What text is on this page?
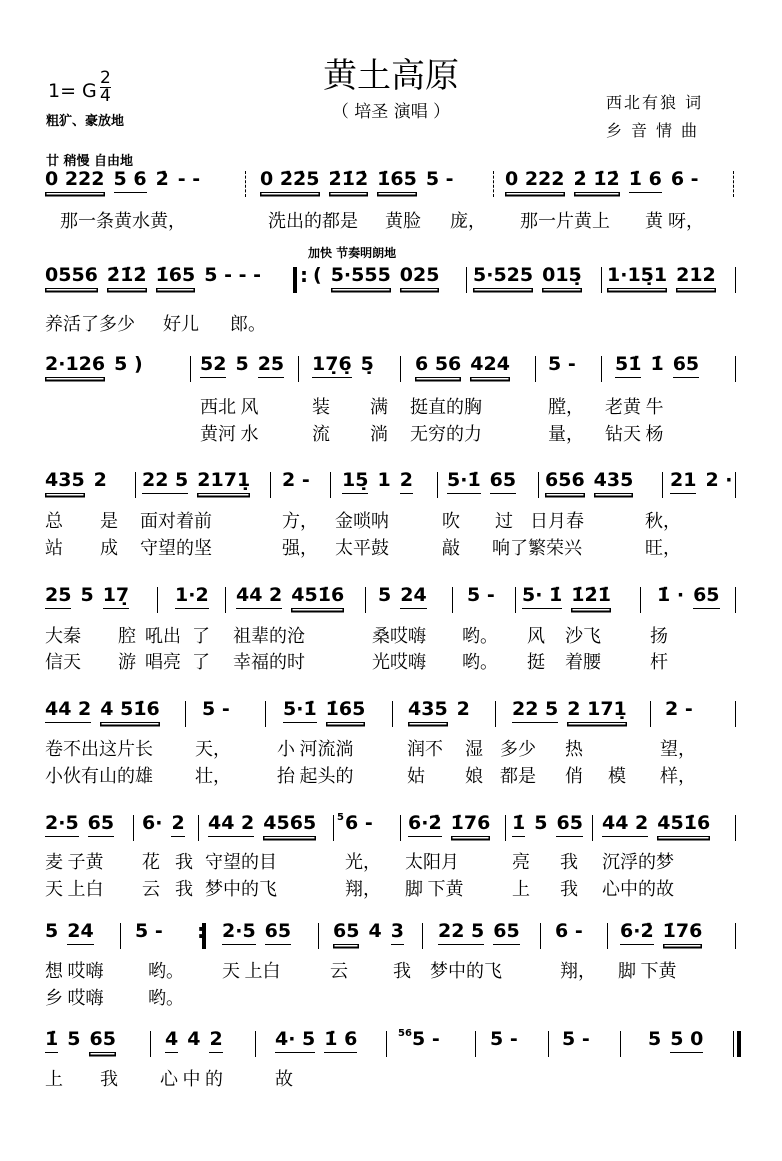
黄土高原
（ 培圣 演唱 ）
1= G
2
4
粗犷、豪放地
西北有狼 词
乡音情曲
廿 稍慢 自由地
加快 节奏明朗地
0 222 5 6 2̇ - -	0 2̇2̇5 2̇1̇2̇ 1̇65 5 -	0 222 2̇ 1̇2̇ 1̇ 6 6 -
那一条黄水黄，	洗出的都是 黄脸 庞， 那一片黄上 黄 呀，
0556 2̇1̇2̇ 1̇65 5 - - -	( 5·555 025	5·525 015̣	1·15̣1 212
:
养活了多少 好儿 郎。
2·126 5 )	52 5 25	17̣6̣ 5̣	6 56 424	5 -	51̇ 1̇ 65
西北 风	装 满 挺直的胸	膛， 老黄 牛
黄河 水	流 淌 无穷的力	量， 钻天 杨
435 2	22 5 2171̣	2 -	15̣ 1 2	5·1̇ 65	656 435	21 2 ·
总 是 面对着前	方， 金唢呐	吹 过 日月春	秋，
站 成 守望的坚	强， 太平鼓	敲 响了繁荣兴	旺，
25 5 17̣	1·2	44 2 451̇6	5 24	5 -	5· 1̇ 1̇2̇1̇	1̇ · 65
大秦 腔 吼出 了 祖辈的沧	桑哎嗨 哟。 风 沙飞	扬
信天 游 唱亮 了 幸福的时	光哎嗨 哟。 挺 着腰	杆
44 2 4 51̇6	5 -	5·1̇ 1̇65	435 2	22 5 2 171̣	2 -
卷不出这片长 天，	小 河流淌	润不 湿 多少 热	望，
小伙有山的雄 壮，	抬 起头的	姑 娘 都是 俏 模 样，
2·5 65	6· 2	44 2 4565	6 -	6·2̇ 1̇76	1̇ 5 65	44 2 451̇6
5
麦 子黄 花 我 守望的目	光， 太阳月	亮 我 沉浮的梦
天 上白 云 我 梦中的飞	翔， 脚 下黄	上 我 心中的故
5 24	5 -	2·5 65	65 4 3	22 5 65	6 -	6·2̇ 1̇76
:
想 哎嗨 哟。 天 上白	云	我 梦中的飞	翔， 脚 下黄
乡 哎嗨 哟。
1̇ 5 65	4 4 2	4· 5 1̇ 6	5 -	5 -	5 -	5 5 0
56
上 我 心 中 的	故
